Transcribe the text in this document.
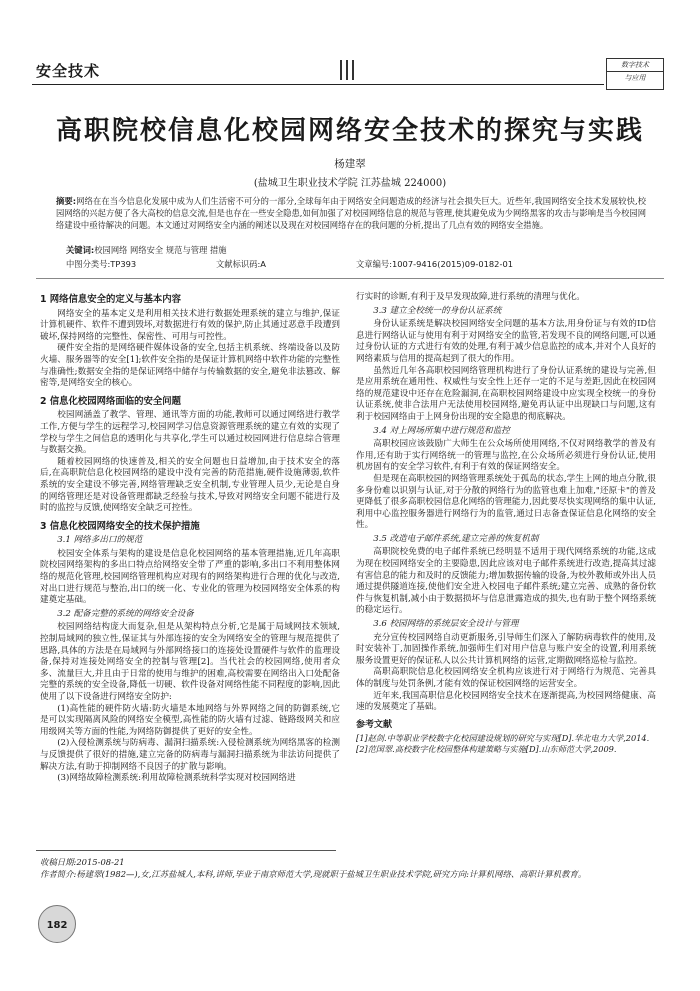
安全技术	数字技术
与应用
高职院校信息化校园网络安全技术的探究与实践
杨建翠
(盐城卫生职业技术学院 江苏盐城 224000)
摘要:网络在在当今信息化发展中成为人们生活密不可分的一部分,全球每年由于网络安全问题造成的经济与社会损失巨大。近些年,我国网络安全技术发展较快,校园网络的兴起方便了各大高校的信息交流,但是也存在一些安全隐患,如何加强了对校园网络信息的规范与管理,使其避免成为少网络黑客的攻击与影响是当今校园网络建设中亟待解决的问题。本文通过对网络安全内涵的阐述以及现在对校园网络存在的我问题的分析,提出了几点有效的网络安全措施。
关键词:校园网络 网络安全 规范与管理 措施
中图分类号:TP393	文献标识码:A	文章编号:1007-9416(2015)09-0182-01
1 网络信息安全的定义与基本内容

网络安全的基本定义是利用相关技术进行数据处理系统的建立与维护,保证计算机硬件、软件不遭到毁坏,对数据进行有效的保护,防止其通过恶意手段遭到破坏,保持网络的完整性、保密性、可用与可控性。

硬件安全指的是网络硬件媒体设备的安全,包括主机系统、终端设备以及防火墙、服务器等的安全[1];软件安全指的是保证计算机网络中软件功能的完整性与准确性;数据安全指的是保证网络中储存与传输数据的安全,避免非法篡改、解密等,是网络安全的核心。

2 信息化校园网络面临的安全问题

校园网涵盖了教学、管理、通讯等方面的功能,教师可以通过网络进行教学工作,方便与学生的远程学习,校园网学习信息资源管理系统的建立有效的实现了学校与学生之间信息的透明化与共享化,学生可以通过校园网进行信息综合管理与数据交换。

随着校园网络的快速普及,相关的安全问题也日益增加,由于技术安全的落后,在高职院信息化校园网络的建设中没有完善的防范措施,硬件设施薄弱,软件系统的安全建设不够完善,网络管理缺乏安全机制,专业管理人员少,无论是自身的网络管理还是对设备管理都缺乏经验与技术,导致对网络安全问题不能进行及时的监控与反馈,使网络安全缺乏可控性。

3 信息化校园网络安全的技术保护措施
3.1 网络多出口的规范

校园安全体系与架构的建设是信息化校园网络的基本管理措施,近几年高职院校园网络架构的多出口特点给网络安全带了严重的影响,多出口不利用整体网络的规范化管理,校园网络管理机构应对现有的网络架构进行合理的优化与改造,对出口进行规范与整治,出口的统一化、专业化的管理为校园网络安全体系的构建奠定基础。

3.2 配备完整的系统的网络安全设备

校园网络结构庞大而复杂,但是从架构特点分析,它是属于局域网技术领域,控制局域网的独立性,保证其与外部连接的安全为网络安全的管理与规范提供了思路,具体的方法是在局域网与外部网络接口的连接处设置硬件与软件的监理设备,保持对连接处网络安全的控制与管理[2]。当代社会的校园网络,使用者众多、流量巨大,并且由于日常的使用与维护的困难,高校需要在网络出入口处配备完整的系统的安全设备,降低一切硬、软件设备对网络性能不同程度的影响,因此使用了以下设备进行网络安全防护:

(1)高性能的硬件防火墙:防火墙是本地网络与外界网络之间的防御系统,它是可以实现隔离风险的网络安全模型,高性能的防火墙有过滤、链路级网关和应用级网关等方面的性能,为网络防御提供了更好的安全性。

(2)入侵检测系统与防病毒、漏洞扫描系统:入侵检测系统为网络黑客的检测与反馈提供了很好的措施,建立完备的防病毒与漏洞扫描系统为非法访问提供了解决方法,有助于抑制网络不良因子的扩散与影响。

(3)网络故障检测系统:利用故障检测系统科学实现对校园网络进

行实时的诊断,有利于及早发现故障,进行系统的清理与优化。

3.3 建立全校统一的身份认证系统

身份认证系统是解决校园网络安全问题的基本方法,用身份证与有效的ID信息进行网络认证与使用有利于对网络安全的监管,若发现不良的网络问题,可以通过身份认证的方式进行有效的处理,有利于减少信息监控的成本,并对个人良好的网络素质与信用的提高起到了很大的作用。

虽然近几年各高职校园网络管理机构进行了身份认证系统的建设与完善,但是应用系统在通用性、权威性与安全性上还存一定的不足与差距,因此在校园网络的规范建设中还存在危险漏洞,在高职校园网络建设中应实现全校统一的身份认证系统,使非合法用户无法使用校园网络,避免再认证中出现缺口与问题,这有利于校园网络由于上网身份出现的安全隐患的彻底解决。

3.4 对上网场所集中进行规范和监控

高职校园应该鼓励广大师生在公众场所使用网络,不仅对网络教学的普及有作用,还有助于实行网络统一的管理与监控,在公众场所必须进行身份认证,使用机房固有的安全学习软件,有利于有效的保证网络安全。

但是现在高职校园的网络管理系统处于孤岛的状态,学生上网的地点分散,很多身份难以识别与认证,对于分散的网络行为的监管也难上加难,"还原卡"的普及更降低了很多高职校园信息化网络的管理能力,因此要尽快实现网络的集中认证,利用中心监控服务器进行网络行为的监管,通过日志备查保证信息化网络的安全性。

3.5 改造电子邮件系统,建立完善的恢复机制

高职院校免费的电子邮件系统已经明显不适用于现代网络系统的功能,这成为现在校园网络安全的主要隐患,因此应该对电子邮件系统进行改造,提高其过滤有害信息的能力和及时的反馈能力;增加数据传输的设备,为校外教师或外出人员通过提供隧道连接,使他们安全进入校园电子邮件系统;建立完善、成熟的备份软件与恢复机制,减小由于数据损坏与信息泄露造成的损失,也有助于整个网络系统的稳定运行。

3.6 校园网络的系统层安全设计与管理

充分宣传校园网络自动更新服务,引导师生们深入了解防病毒软件的使用,及时安装补丁,加固操作系统,加强师生们对用户信息与账户安全的设置,利用系统服务设置更好的保证私人以公共计算机网络的运营,定期做网络巡检与监控。

高职高职院信息化校园网络安全机构应该进行对于网络行为规范、完善具体的制度与处罚条例,才能有效的保证校园网络的运营安全。

近年来,我国高职信息化校园网络安全技术在逐渐提高,为校园网络健康、高速的发展奠定了基础。

参考文献
[1]赵剑.中等职业学校数字化校园建设规划的研究与实现[D].华北电力大学,2014.
[2]范国翠.高校数字化校园整体构建策略与实施[D].山东师范大学,2009.
收稿日期:2015-08-21
作者简介:杨建翠(1982—),女,江苏盐城人,本科,讲师,毕业于南京师范大学,现就职于盐城卫生职业技术学院,研究方向:计算机网络、高职计算机教育。
182
